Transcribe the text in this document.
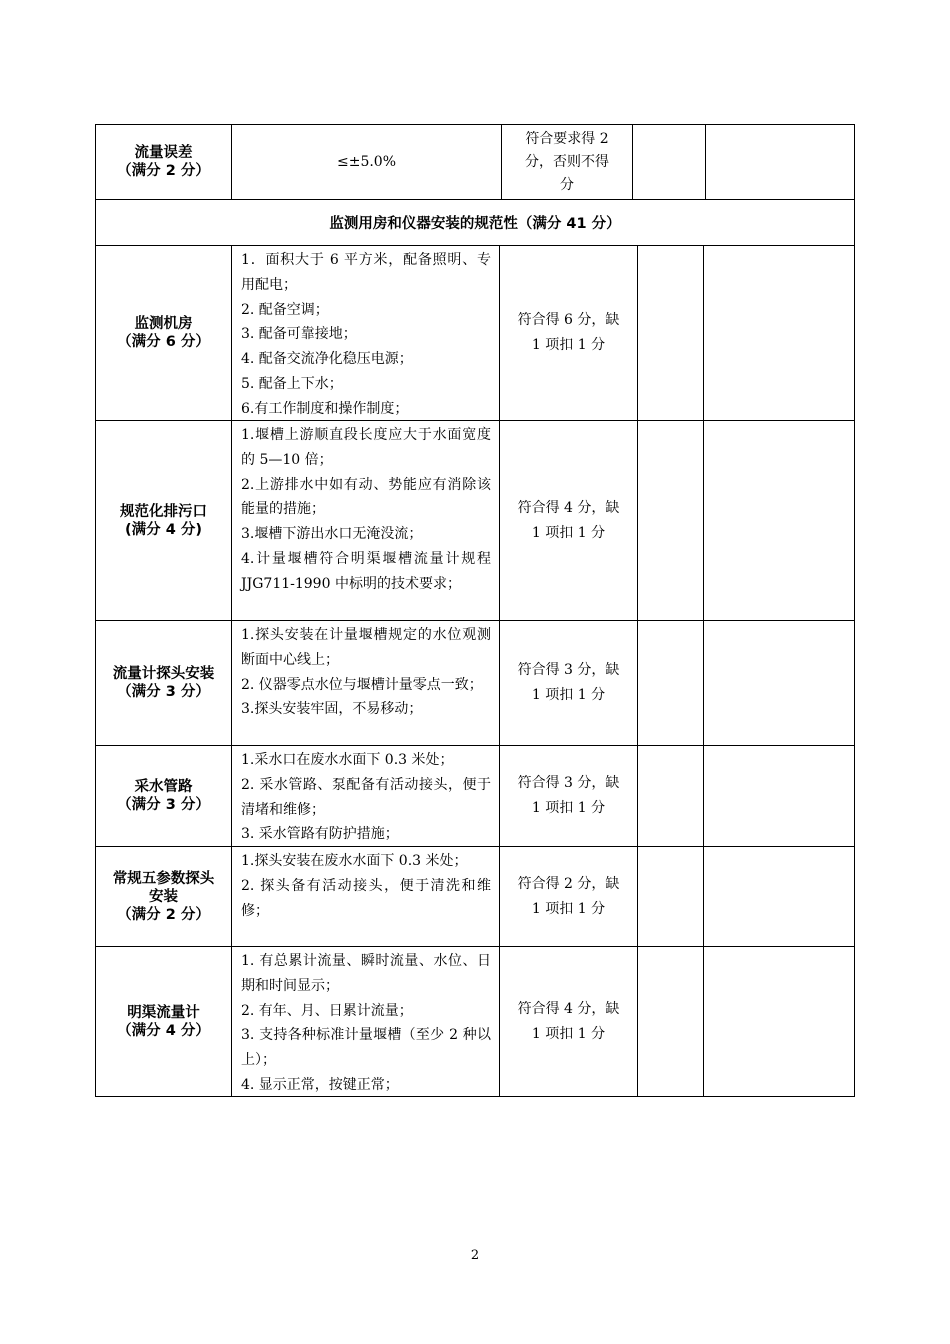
流量误差
（满分 2 分）
≤±5.0%
符合要求得 2
分，否则不得
分
监测用房和仪器安装的规范性（满分 41 分）
监测机房
（满分 6 分）
1．面积大于 6 平方米，配备照明、专用配电；
2. 配备空调；
3. 配备可靠接地；
4. 配备交流净化稳压电源；
5. 配备上下水；
6.有工作制度和操作制度；
符合得 6 分，缺
1 项扣 1 分
规范化排污口
(满分 4 分)
1.堰槽上游顺直段长度应大于水面宽度的 5—10 倍；
2.上游排水中如有动、势能应有消除该能量的措施；
3.堰槽下游出水口无淹没流；
4.计量堰槽符合明渠堰槽流量计规程 JJG711-1990 中标明的技术要求；
符合得 4 分，缺
1 项扣 1 分
流量计探头安装
（满分 3 分）
1.探头安装在计量堰槽规定的水位观测断面中心线上；
2. 仪器零点水位与堰槽计量零点一致；
3.探头安装牢固，不易移动；
符合得 3 分，缺
1 项扣 1 分
采水管路
（满分 3 分）
1.采水口在废水水面下 0.3 米处；
2. 采水管路、泵配备有活动接头，便于清堵和维修；
3. 采水管路有防护措施；
符合得 3 分，缺
1 项扣 1 分
常规五参数探头
安装
（满分 2 分）
1.探头安装在废水水面下 0.3 米处；
2. 探头备有活动接头，便于清洗和维修；
符合得 2 分，缺
1 项扣 1 分
明渠流量计
（满分 4 分）
1. 有总累计流量、瞬时流量、水位、日期和时间显示；
2. 有年、月、日累计流量；
3. 支持各种标准计量堰槽（至少 2 种以上）；
4. 显示正常，按键正常；
符合得 4 分，缺
1 项扣 1 分
2
